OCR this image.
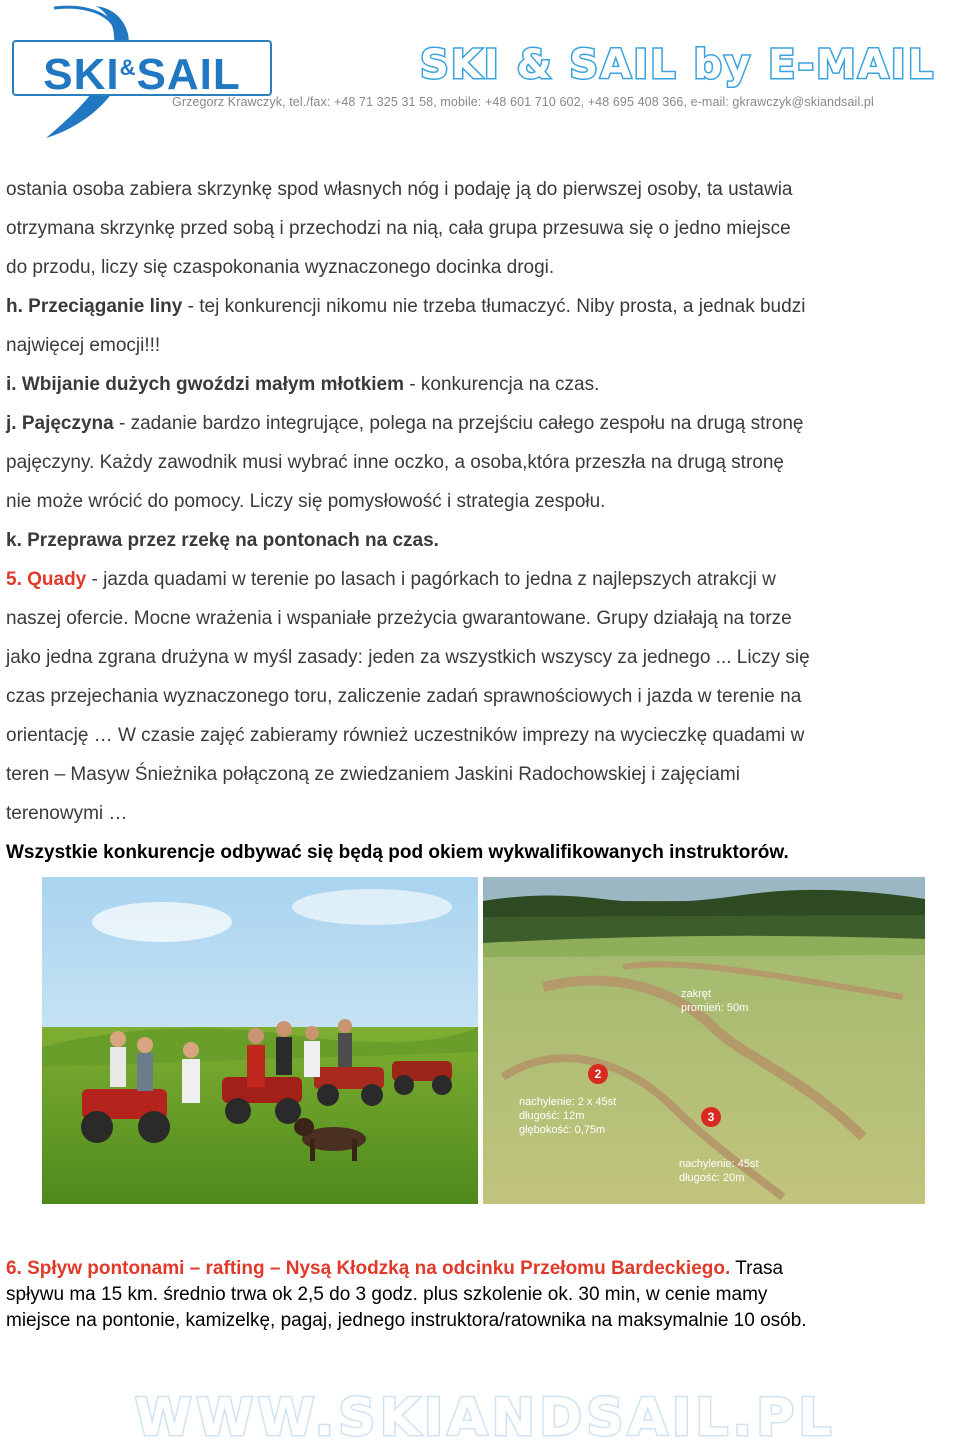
SKI&SAIL	SKI & SAIL by E-MAIL
Grzegorz Krawczyk, tel./fax: +48 71 325 31 58, mobile: +48 601 710 602, +48 695 408 366, e-mail: gkrawczyk@skiandsail.pl

ostania osoba zabiera skrzynkę spod własnych nóg i podaję ją do pierwszej osoby, ta ustawia

otrzymana skrzynkę przed sobą i przechodzi na nią, cała grupa przesuwa się o jedno miejsce

do przodu, liczy się czaspokonania wyznaczonego docinka drogi.

h. Przeciąganie liny - tej konkurencji nikomu nie trzeba tłumaczyć. Niby prosta, a jednak budzi

najwięcej emocji!!!

i. Wbijanie dużych gwoździ małym młotkiem - konkurencja na czas.

j. Pajęczyna - zadanie bardzo integrujące, polega na przejściu całego zespołu na drugą stronę

pajęczyny. Każdy zawodnik musi wybrać inne oczko, a osoba,która przeszła na drugą stronę

nie może wrócić do pomocy. Liczy się pomysłowość i strategia zespołu.

k. Przeprawa przez rzekę na pontonach na czas.

5. Quady - jazda quadami w terenie po lasach i pagórkach to jedna z najlepszych atrakcji w

naszej ofercie. Mocne wrażenia i wspaniałe przeżycia gwarantowane. Grupy działają na torze

jako jedna zgrana drużyna w myśl zasady: jeden za wszystkich wszyscy za jednego ... Liczy się

czas przejechania wyznaczonego toru, zaliczenie zadań sprawnościowych i jazda w terenie na

orientację … W czasie zajęć zabieramy również uczestników imprezy na wycieczkę quadami w

teren – Masyw Śnieżnika połączoną ze zwiedzaniem Jaskini Radochowskiej i zajęciami

terenowymi …

Wszystkie konkurencje odbywać się będą pod okiem wykwalifikowanych instruktorów.

zakręt
promień: 50m
2
nachylenie: 2 x 45st
długość: 12m
głębokość: 0,75m
3
nachylenie: 45st
długość: 20m

6. Spływ pontonami – rafting – Nysą Kłodzką na odcinku Przełomu Bardeckiego. Trasa

spływu ma 15 km. średnio trwa ok 2,5 do 3 godz. plus szkolenie ok. 30 min, w cenie mamy

miejsce na pontonie, kamizelkę, pagaj, jednego instruktora/ratownika na maksymalnie 10 osób.

WWW.SKIANDSAIL.PL
